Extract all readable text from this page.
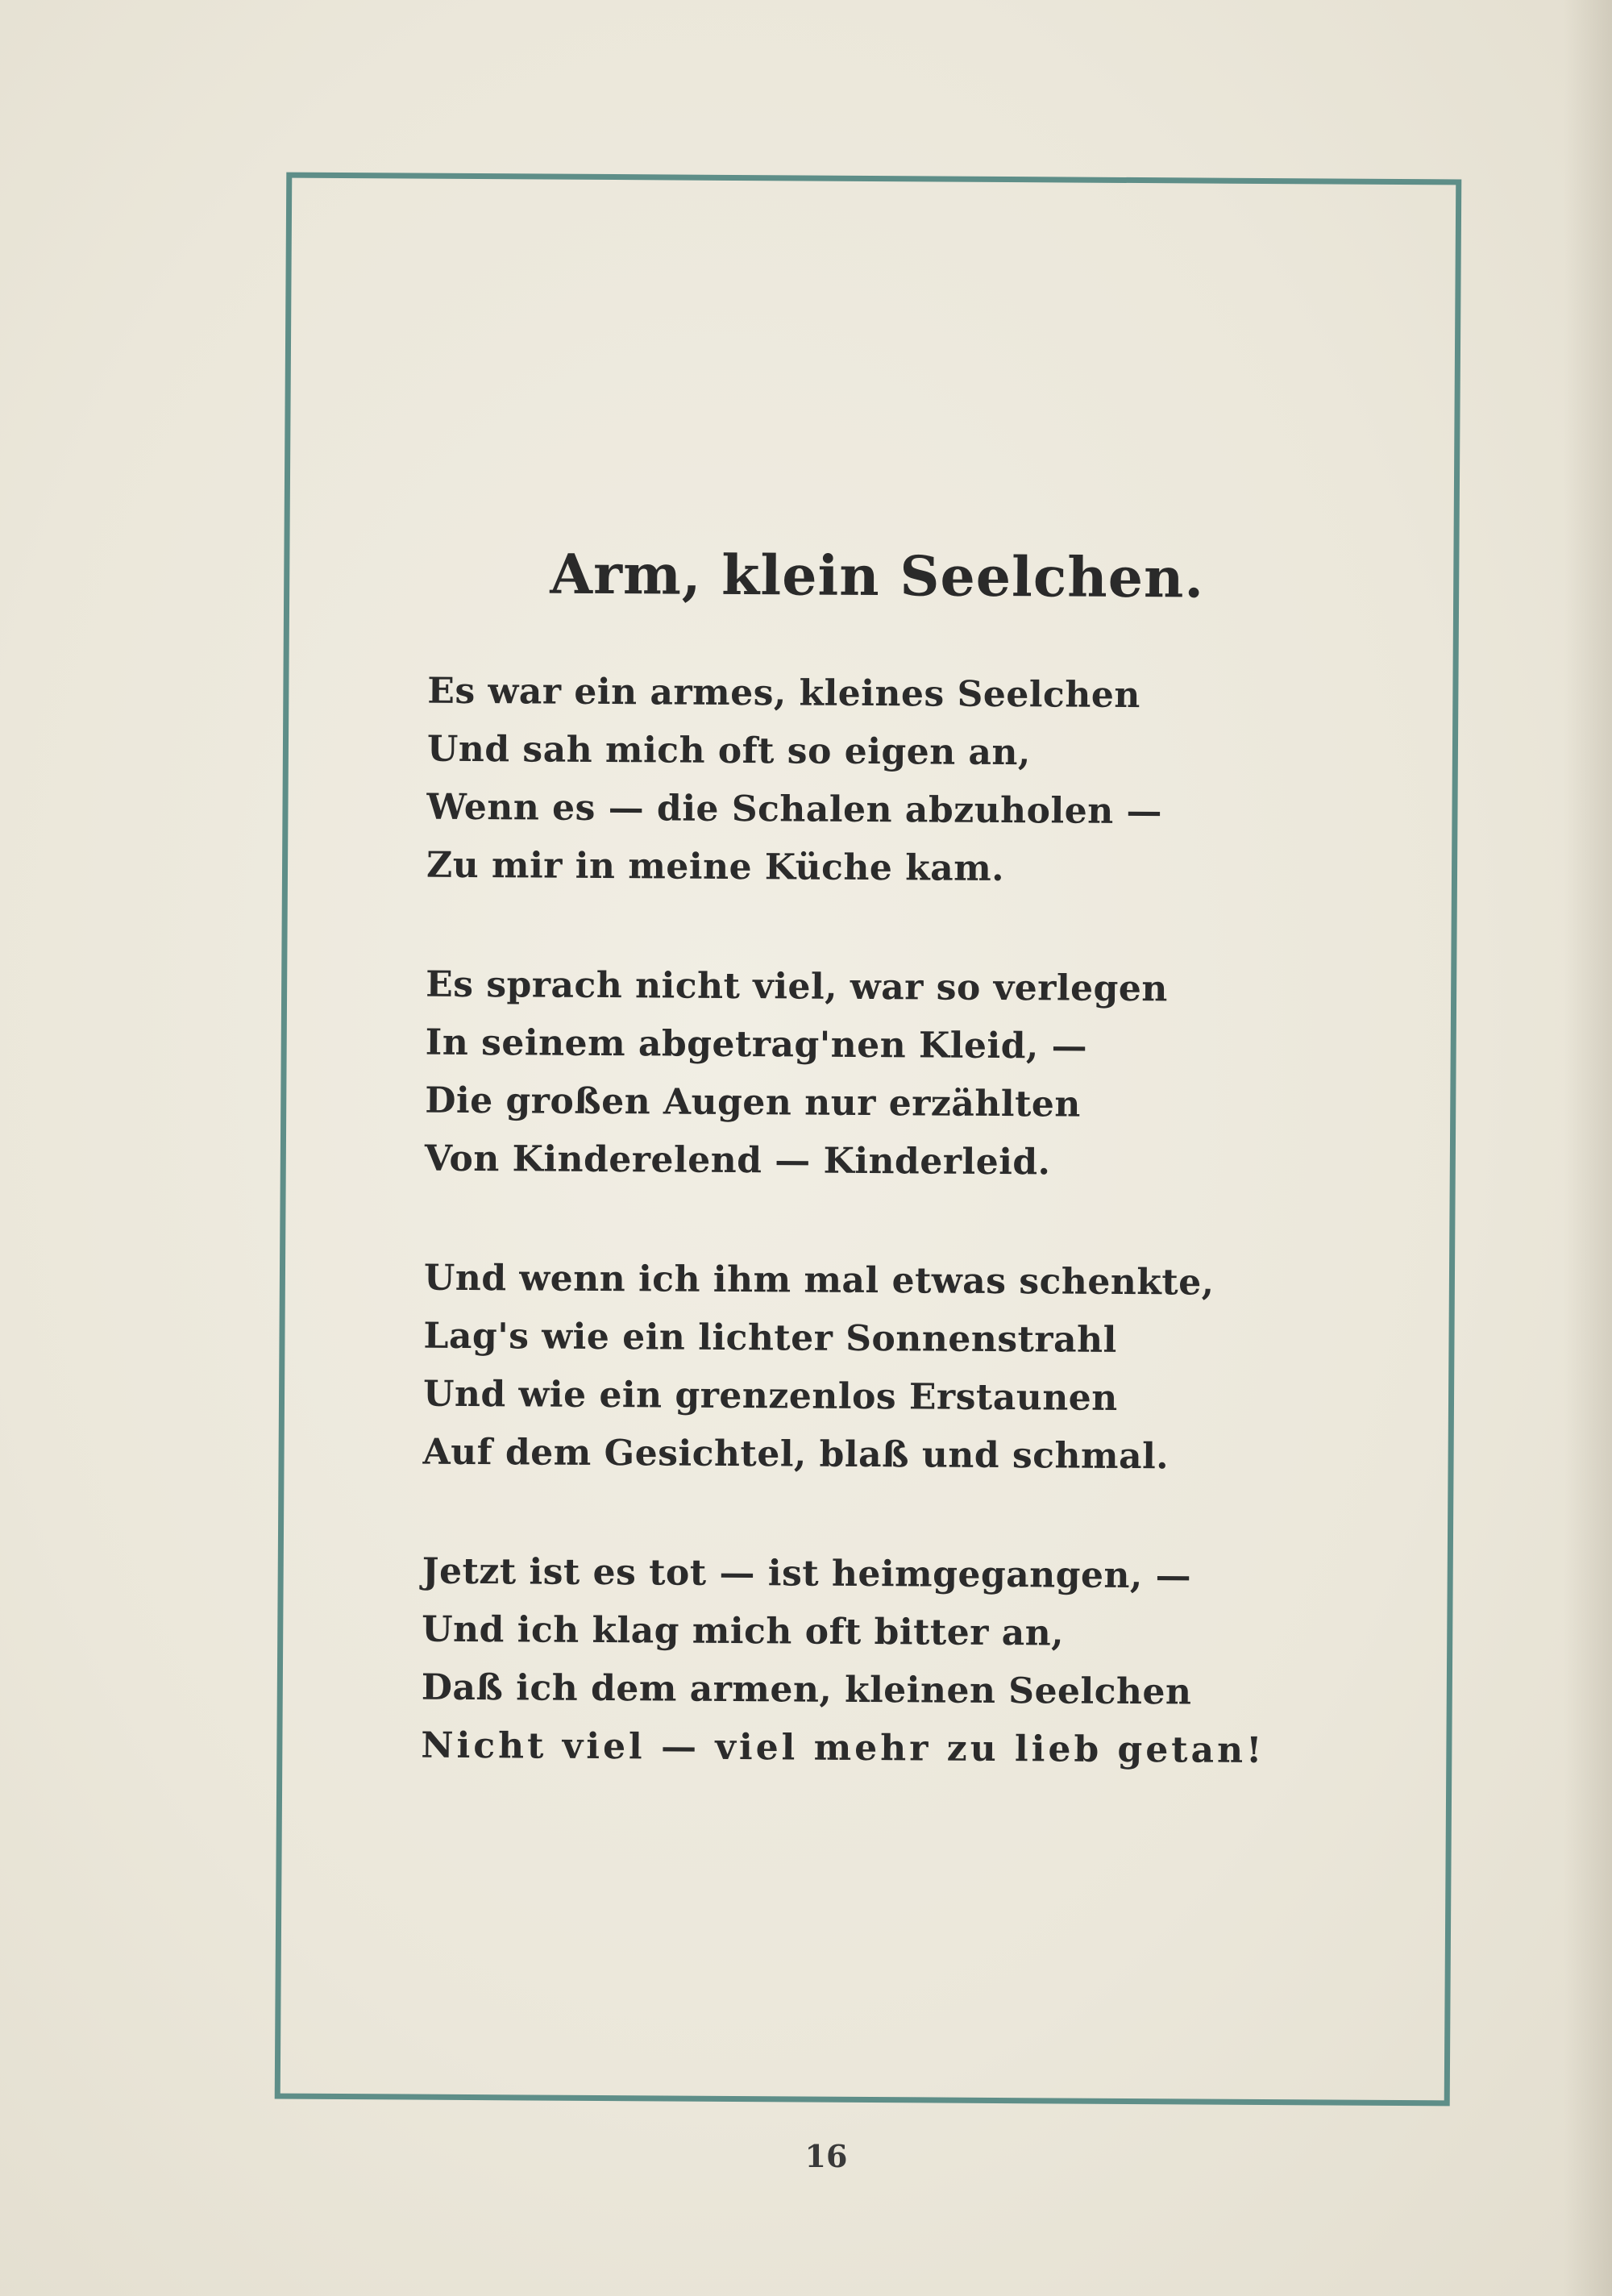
Arm, klein Seelchen.
Es war ein armes, kleines Seelchen
Und sah mich oft so eigen an,
Wenn es — die Schalen abzuholen —
Zu mir in meine Küche kam.
Es sprach nicht viel, war so verlegen
In seinem abgetrag'nen Kleid, —
Die großen Augen nur erzählten
Von Kinderelend — Kinderleid.
Und wenn ich ihm mal etwas schenkte,
Lag's wie ein lichter Sonnenstrahl
Und wie ein grenzenlos Erstaunen
Auf dem Gesichtel, blaß und schmal.
Jetzt ist es tot — ist heimgegangen, —
Und ich klag mich oft bitter an,
Daß ich dem armen, kleinen Seelchen
Nicht viel — viel mehr zu lieb getan!
16
